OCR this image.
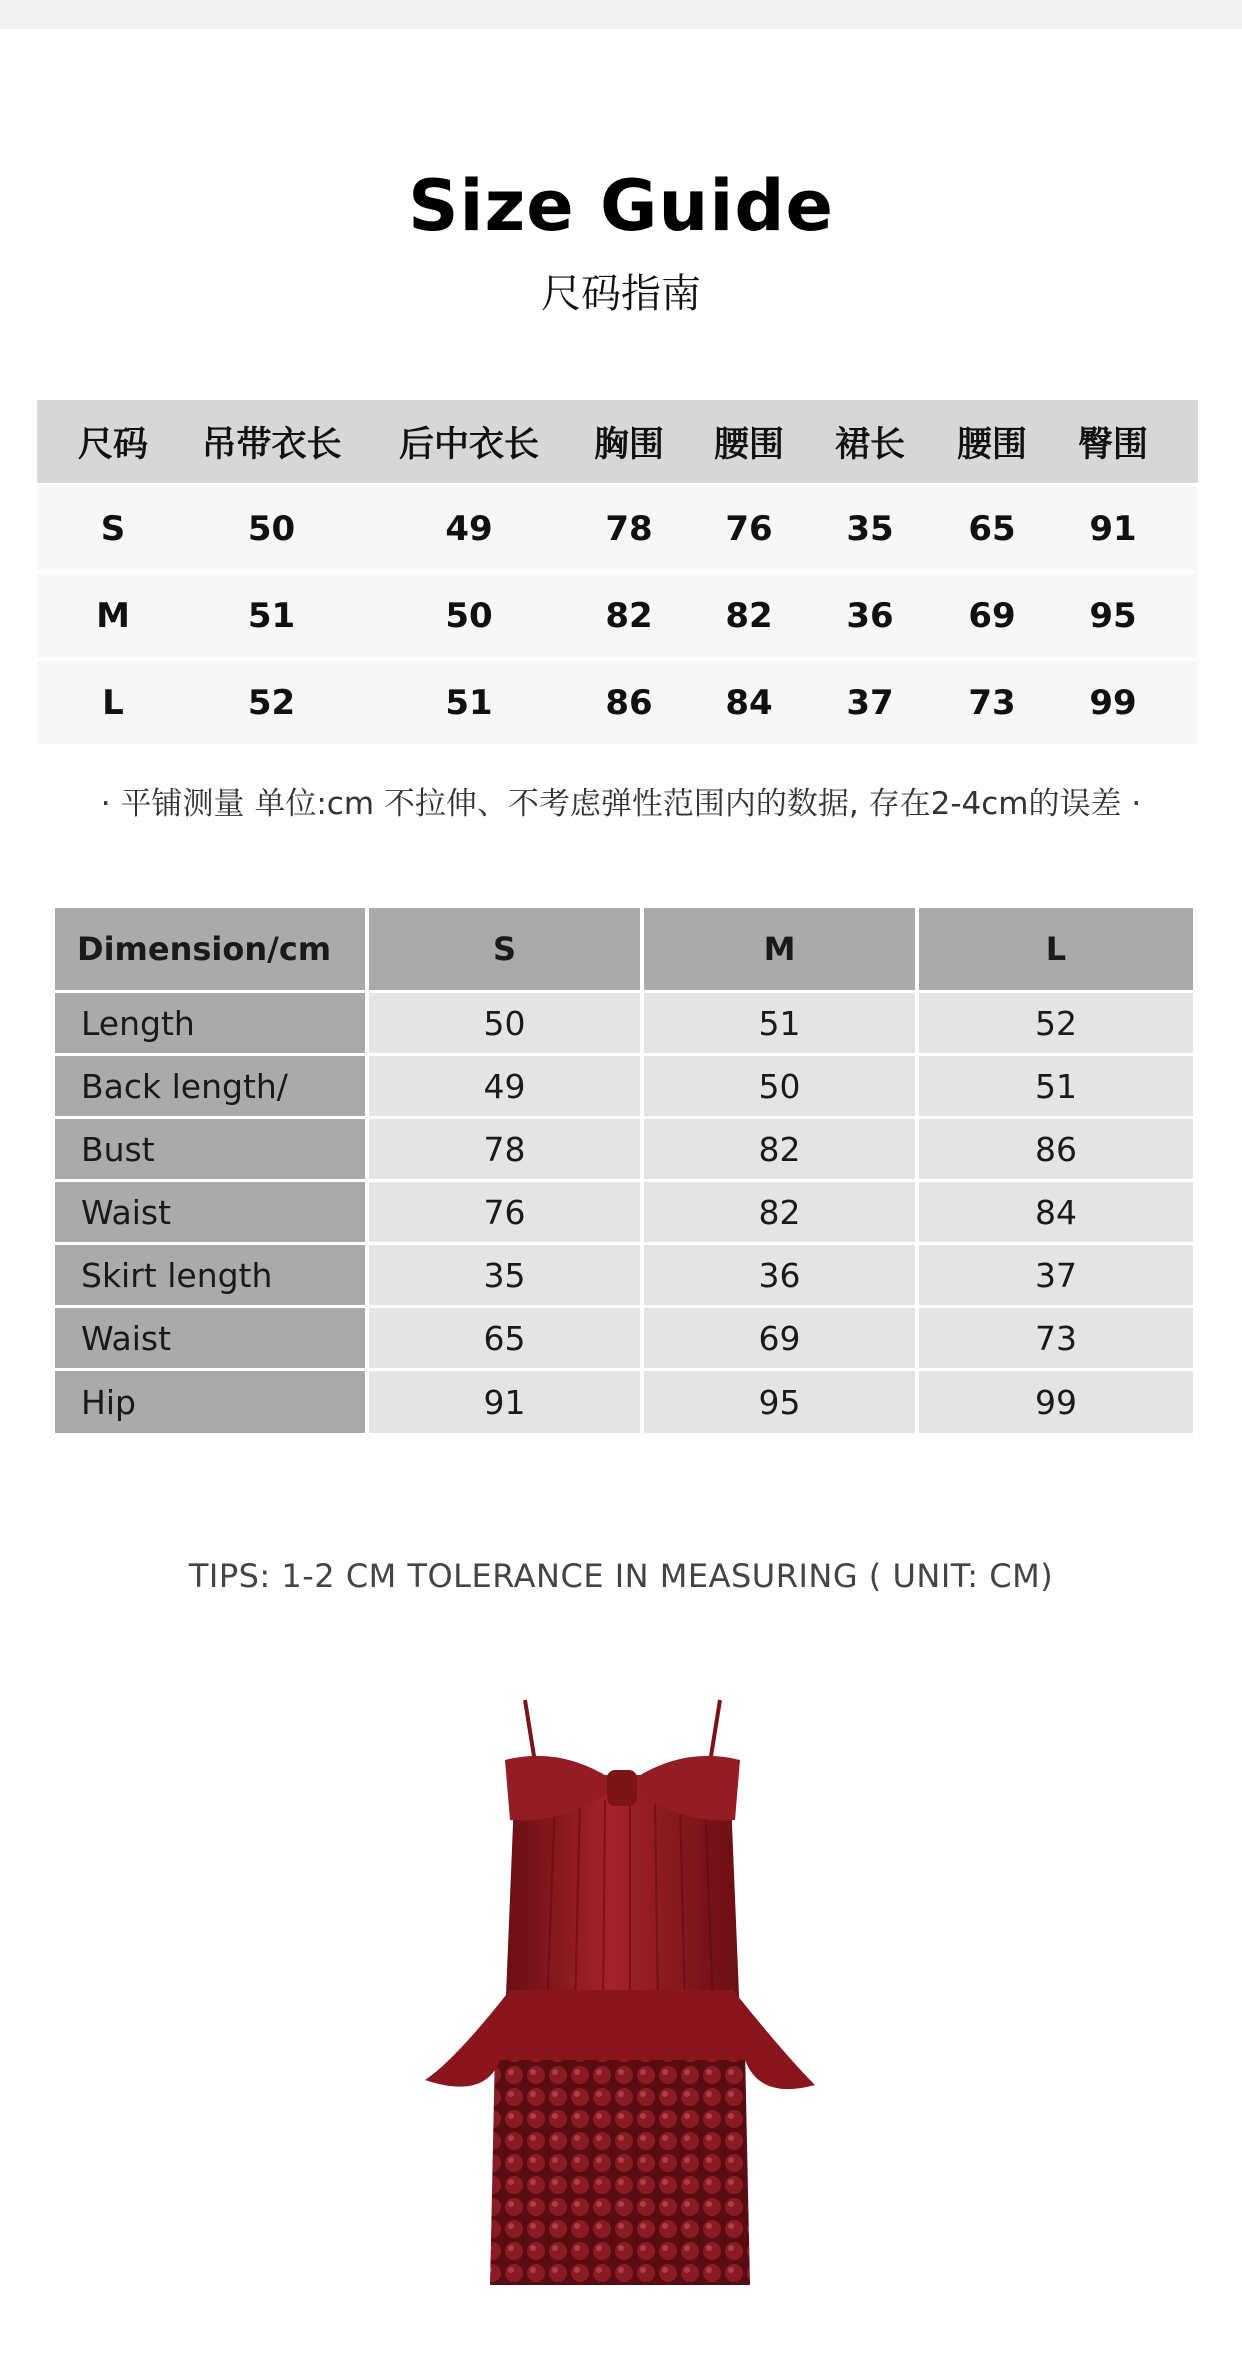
Size Guide
尺码指南
尺码	吊带衣长	后中衣长	胸围	腰围	裙长	腰围	臀围
S	50	49	78	76	35	65	91
M	51	50	82	82	36	69	95
L	52	51	86	84	37	73	99
· 平铺测量 单位:cm 不拉伸、不考虑弹性范围内的数据, 存在2-4cm的误差 ·
Dimension/cm	S	M	L
Length	50	51	52
Back length/	49	50	51
Bust	78	82	86
Waist	76	82	84
Skirt length	35	36	37
Waist	65	69	73
Hip	91	95	99
TIPS: 1-2 CM TOLERANCE IN MEASURING ( UNIT: CM)
